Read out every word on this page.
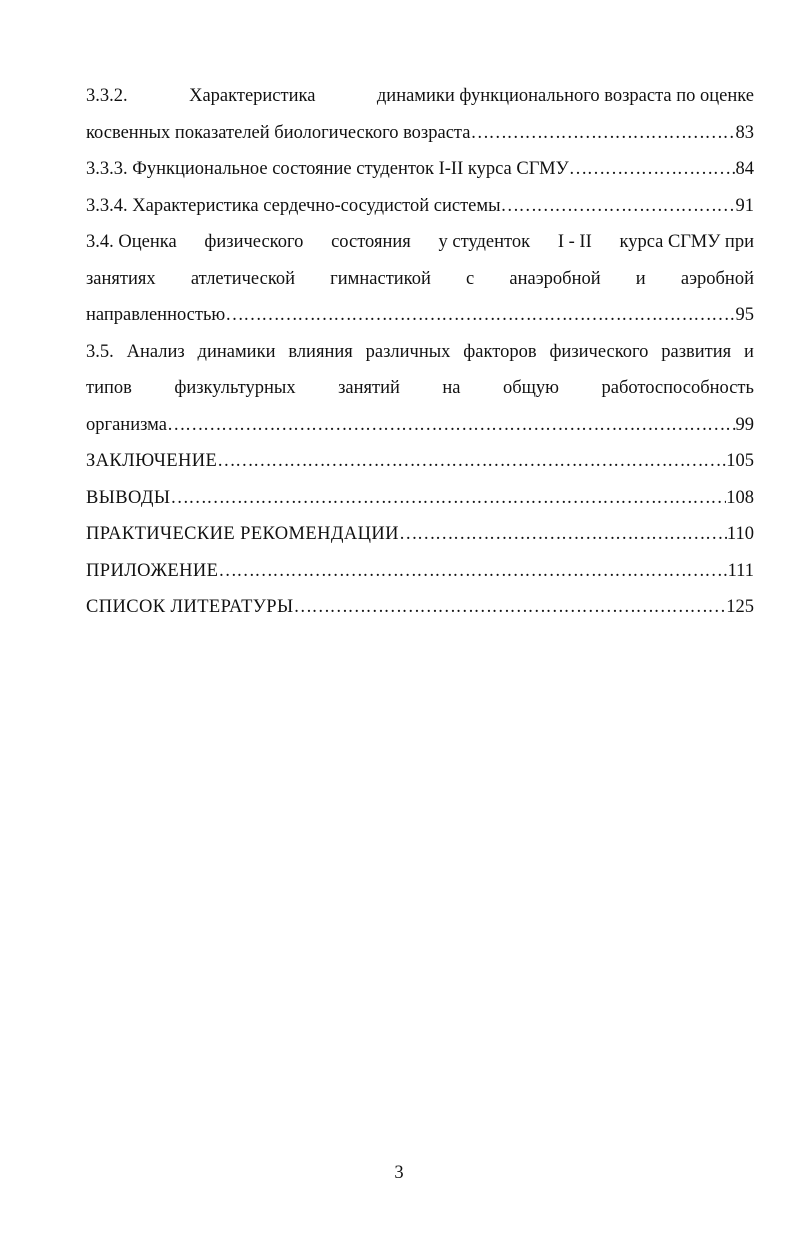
3.3.2.	Характеристика	динамики функционального возраста по оценке
косвенных показателей биологического возраста ……………………………………………………………………………………………………………………………………………………………………………………	83
3.3.3. Функциональное состояние студенток I-II курса СГМУ ……………………………………………………………………………………………………………………………………………………………………………………	84
3.3.4. Характеристика сердечно-сосудистой системы ……………………………………………………………………………………………………………………………………………………………………………………	91
3.4. Оценка физического состояния у студенток I - II курса СГМУ при
занятиях атлетической гимнастикой с анаэробной и аэробной
направленностью ……………………………………………………………………………………………………………………………………………………………………………………	95
3.5. Анализ динамики влияния различных факторов физического развития и
типов физкультурных занятий на общую работоспособность
организма ……………………………………………………………………………………………………………………………………………………………………………………	99
ЗАКЛЮЧЕНИЕ ……………………………………………………………………………………………………………………………………………………………………………………	105
ВЫВОДЫ ……………………………………………………………………………………………………………………………………………………………………………………	108
ПРАКТИЧЕСКИЕ РЕКОМЕНДАЦИИ ……………………………………………………………………………………………………………………………………………………………………………………	110
ПРИЛОЖЕНИЕ ……………………………………………………………………………………………………………………………………………………………………………………	111
СПИСОК ЛИТЕРАТУРЫ ……………………………………………………………………………………………………………………………………………………………………………………	125
3
